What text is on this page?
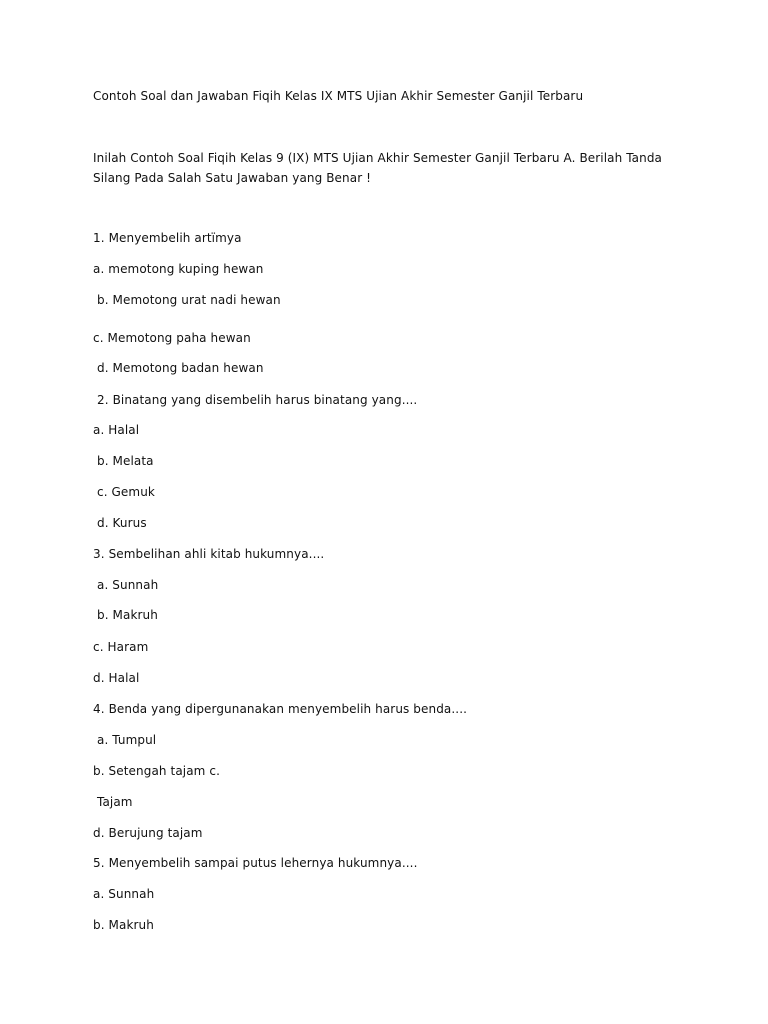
Contoh Soal dan Jawaban Fiqih Kelas IX MTS Ujian Akhir Semester Ganjil Terbaru
Inilah Contoh Soal Fiqih Kelas 9 (IX) MTS Ujian Akhir Semester Ganjil Terbaru A. Berilah Tanda Silang Pada Salah Satu Jawaban yang Benar !
1. Menyembelih artïmya
a. memotong kuping hewan
b. Memotong urat nadi hewan
c. Memotong paha hewan
d. Memotong badan hewan
2. Binatang yang disembelih harus binatang yang....
a. Halal
b. Melata
c. Gemuk
d. Kurus
3. Sembelihan ahli kitab hukumnya....
a. Sunnah
b. Makruh
c. Haram
d. Halal
4. Benda yang dipergunanakan menyembelih harus benda....
a. Tumpul
b. Setengah tajam c.
Tajam
d. Berujung tajam
5. Menyembelih sampai putus lehernya hukumnya....
a. Sunnah
b. Makruh
